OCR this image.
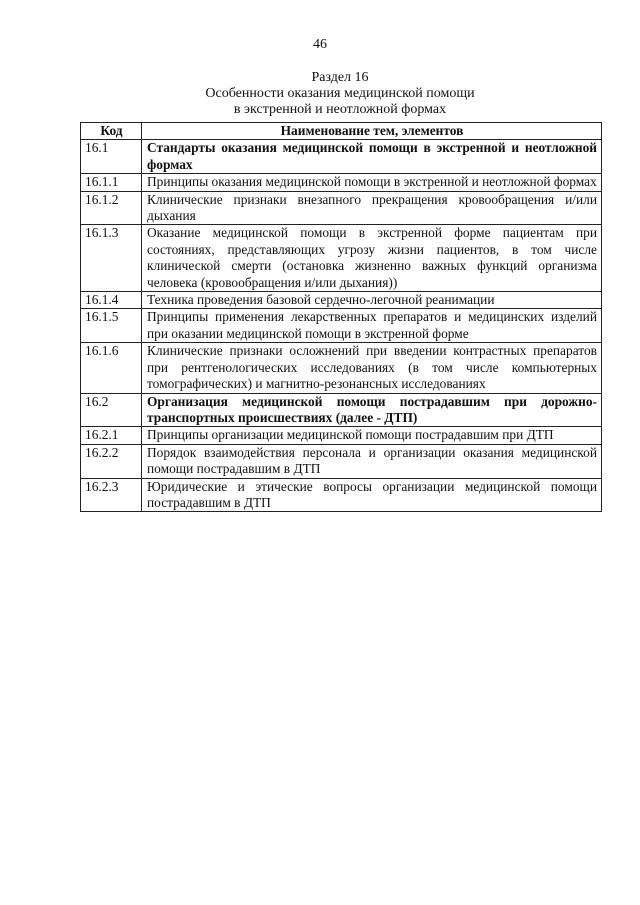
46
Раздел 16
Особенности оказания медицинской помощи
в экстренной и неотложной формах
Код	Наименование тем, элементов
16.1	Стандарты оказания медицинской помощи в экстренной и неотложной формах
16.1.1	Принципы оказания медицинской помощи в экстренной и неотложной формах
16.1.2	Клинические признаки внезапного прекращения кровообращения и/или дыхания
16.1.3	Оказание медицинской помощи в экстренной форме пациентам при состояниях, представляющих угрозу жизни пациентов, в том числе клинической смерти (остановка жизненно важных функций организма человека (кровообращения и/или дыхания))
16.1.4	Техника проведения базовой сердечно-легочной реанимации
16.1.5	Принципы применения лекарственных препаратов и медицинских изделий при оказании медицинской помощи в экстренной форме
16.1.6	Клинические признаки осложнений при введении контрастных препаратов при рентгенологических исследованиях (в том числе компьютерных томографических) и магнитно-резонансных исследованиях
16.2	Организация медицинской помощи пострадавшим при дорожно-транспортных происшествиях (далее - ДТП)
16.2.1	Принципы организации медицинской помощи пострадавшим при ДТП
16.2.2	Порядок взаимодействия персонала и организации оказания медицинской помощи пострадавшим в ДТП
16.2.3	Юридические и этические вопросы организации медицинской помощи пострадавшим в ДТП
